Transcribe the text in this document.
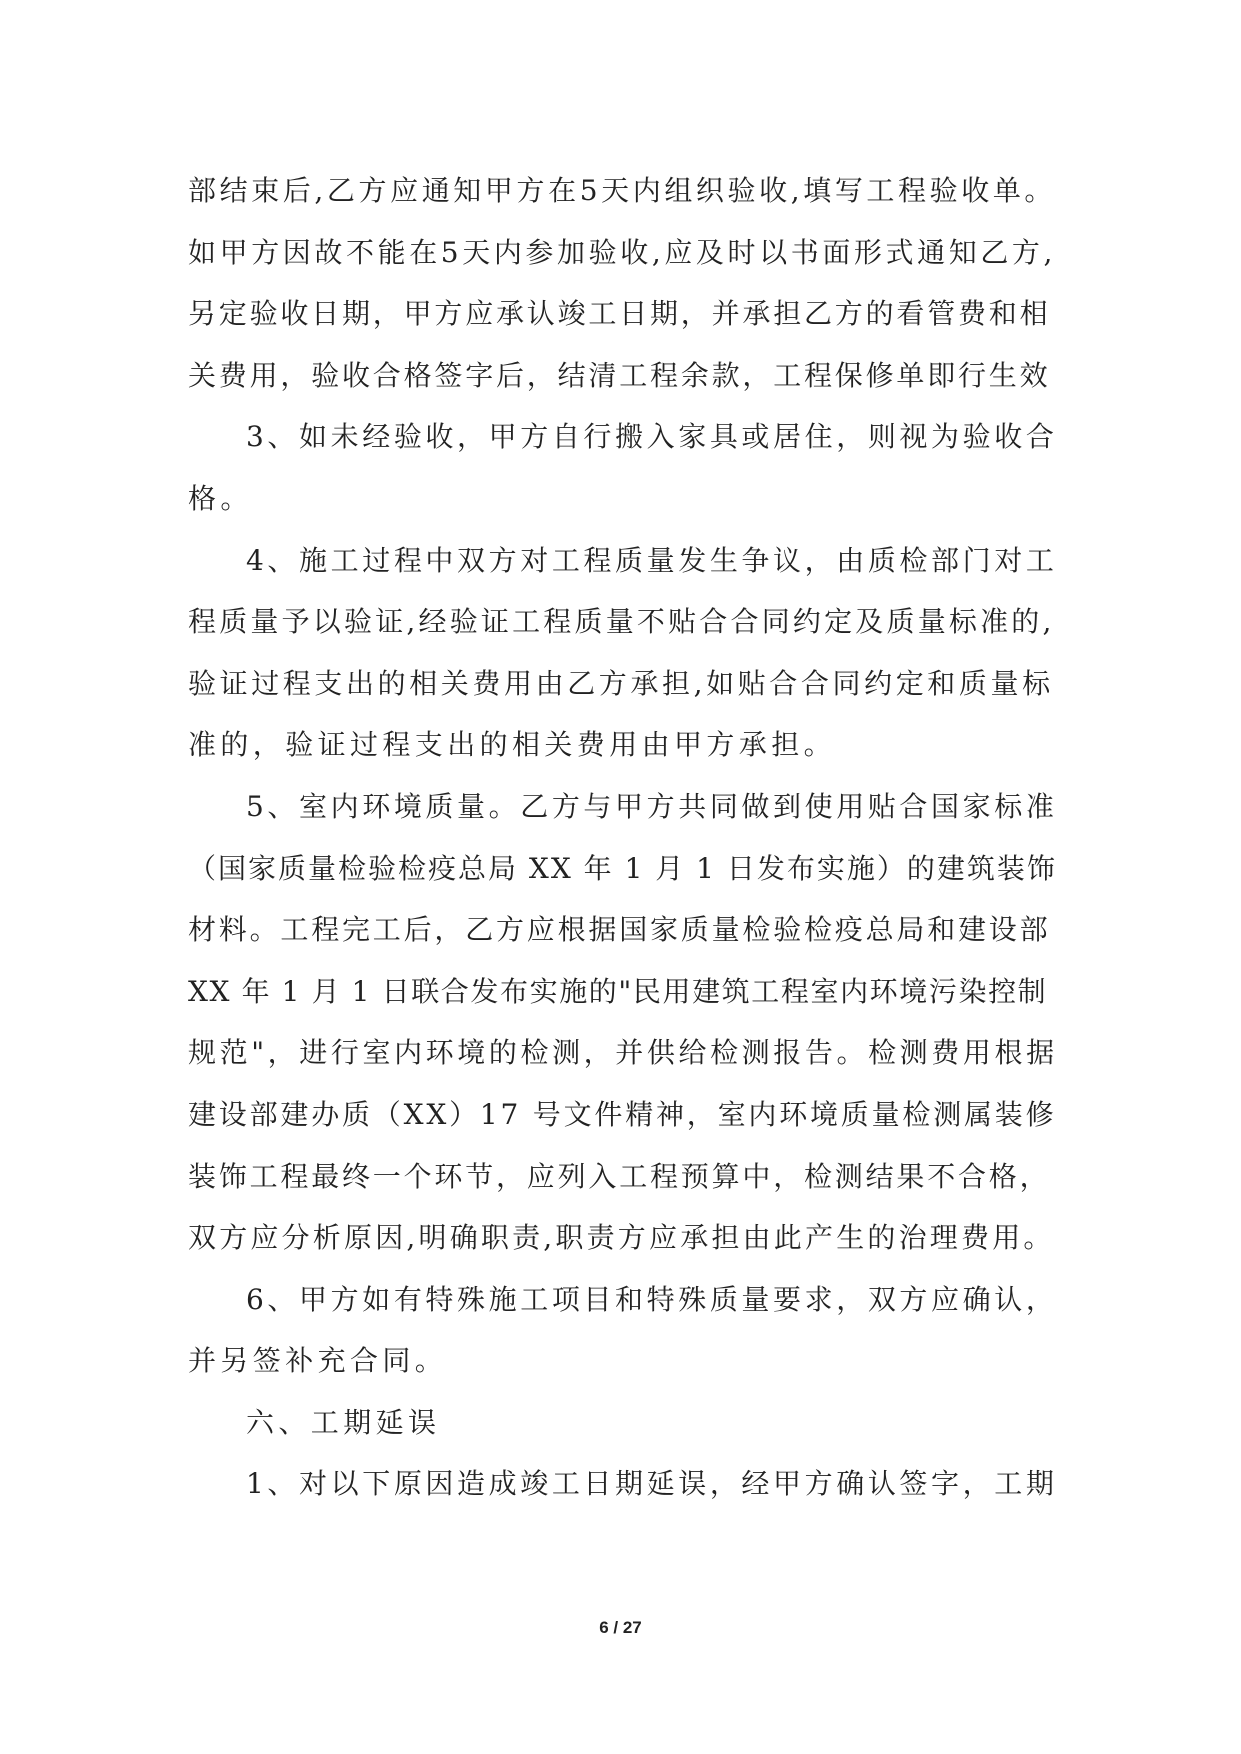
部结束后,乙方应通知甲方在5天内组织验收,填写工程验收单。
如甲方因故不能在5天内参加验收,应及时以书面形式通知乙方,
另定验收日期，甲方应承认竣工日期，并承担乙方的看管费和相
关费用，验收合格签字后，结清工程余款，工程保修单即行生效
3、如未经验收，甲方自行搬入家具或居住，则视为验收合
格。
4、施工过程中双方对工程质量发生争议，由质检部门对工
程质量予以验证,经验证工程质量不贴合合同约定及质量标准的,
验证过程支出的相关费用由乙方承担,如贴合合同约定和质量标
准的，验证过程支出的相关费用由甲方承担。
5、室内环境质量。乙方与甲方共同做到使用贴合国家标准
（国家质量检验检疫总局 XX 年 1 月 1 日发布实施）的建筑装饰
材料。工程完工后，乙方应根据国家质量检验检疫总局和建设部
XX 年 1 月 1 日联合发布实施的"民用建筑工程室内环境污染控制
规范"，进行室内环境的检测，并供给检测报告。检测费用根据
建设部建办质（XX）17 号文件精神，室内环境质量检测属装修
装饰工程最终一个环节，应列入工程预算中，检测结果不合格，
双方应分析原因,明确职责,职责方应承担由此产生的治理费用。
6、甲方如有特殊施工项目和特殊质量要求，双方应确认，
并另签补充合同。
六、工期延误
1、对以下原因造成竣工日期延误，经甲方确认签字，工期
6 / 27
